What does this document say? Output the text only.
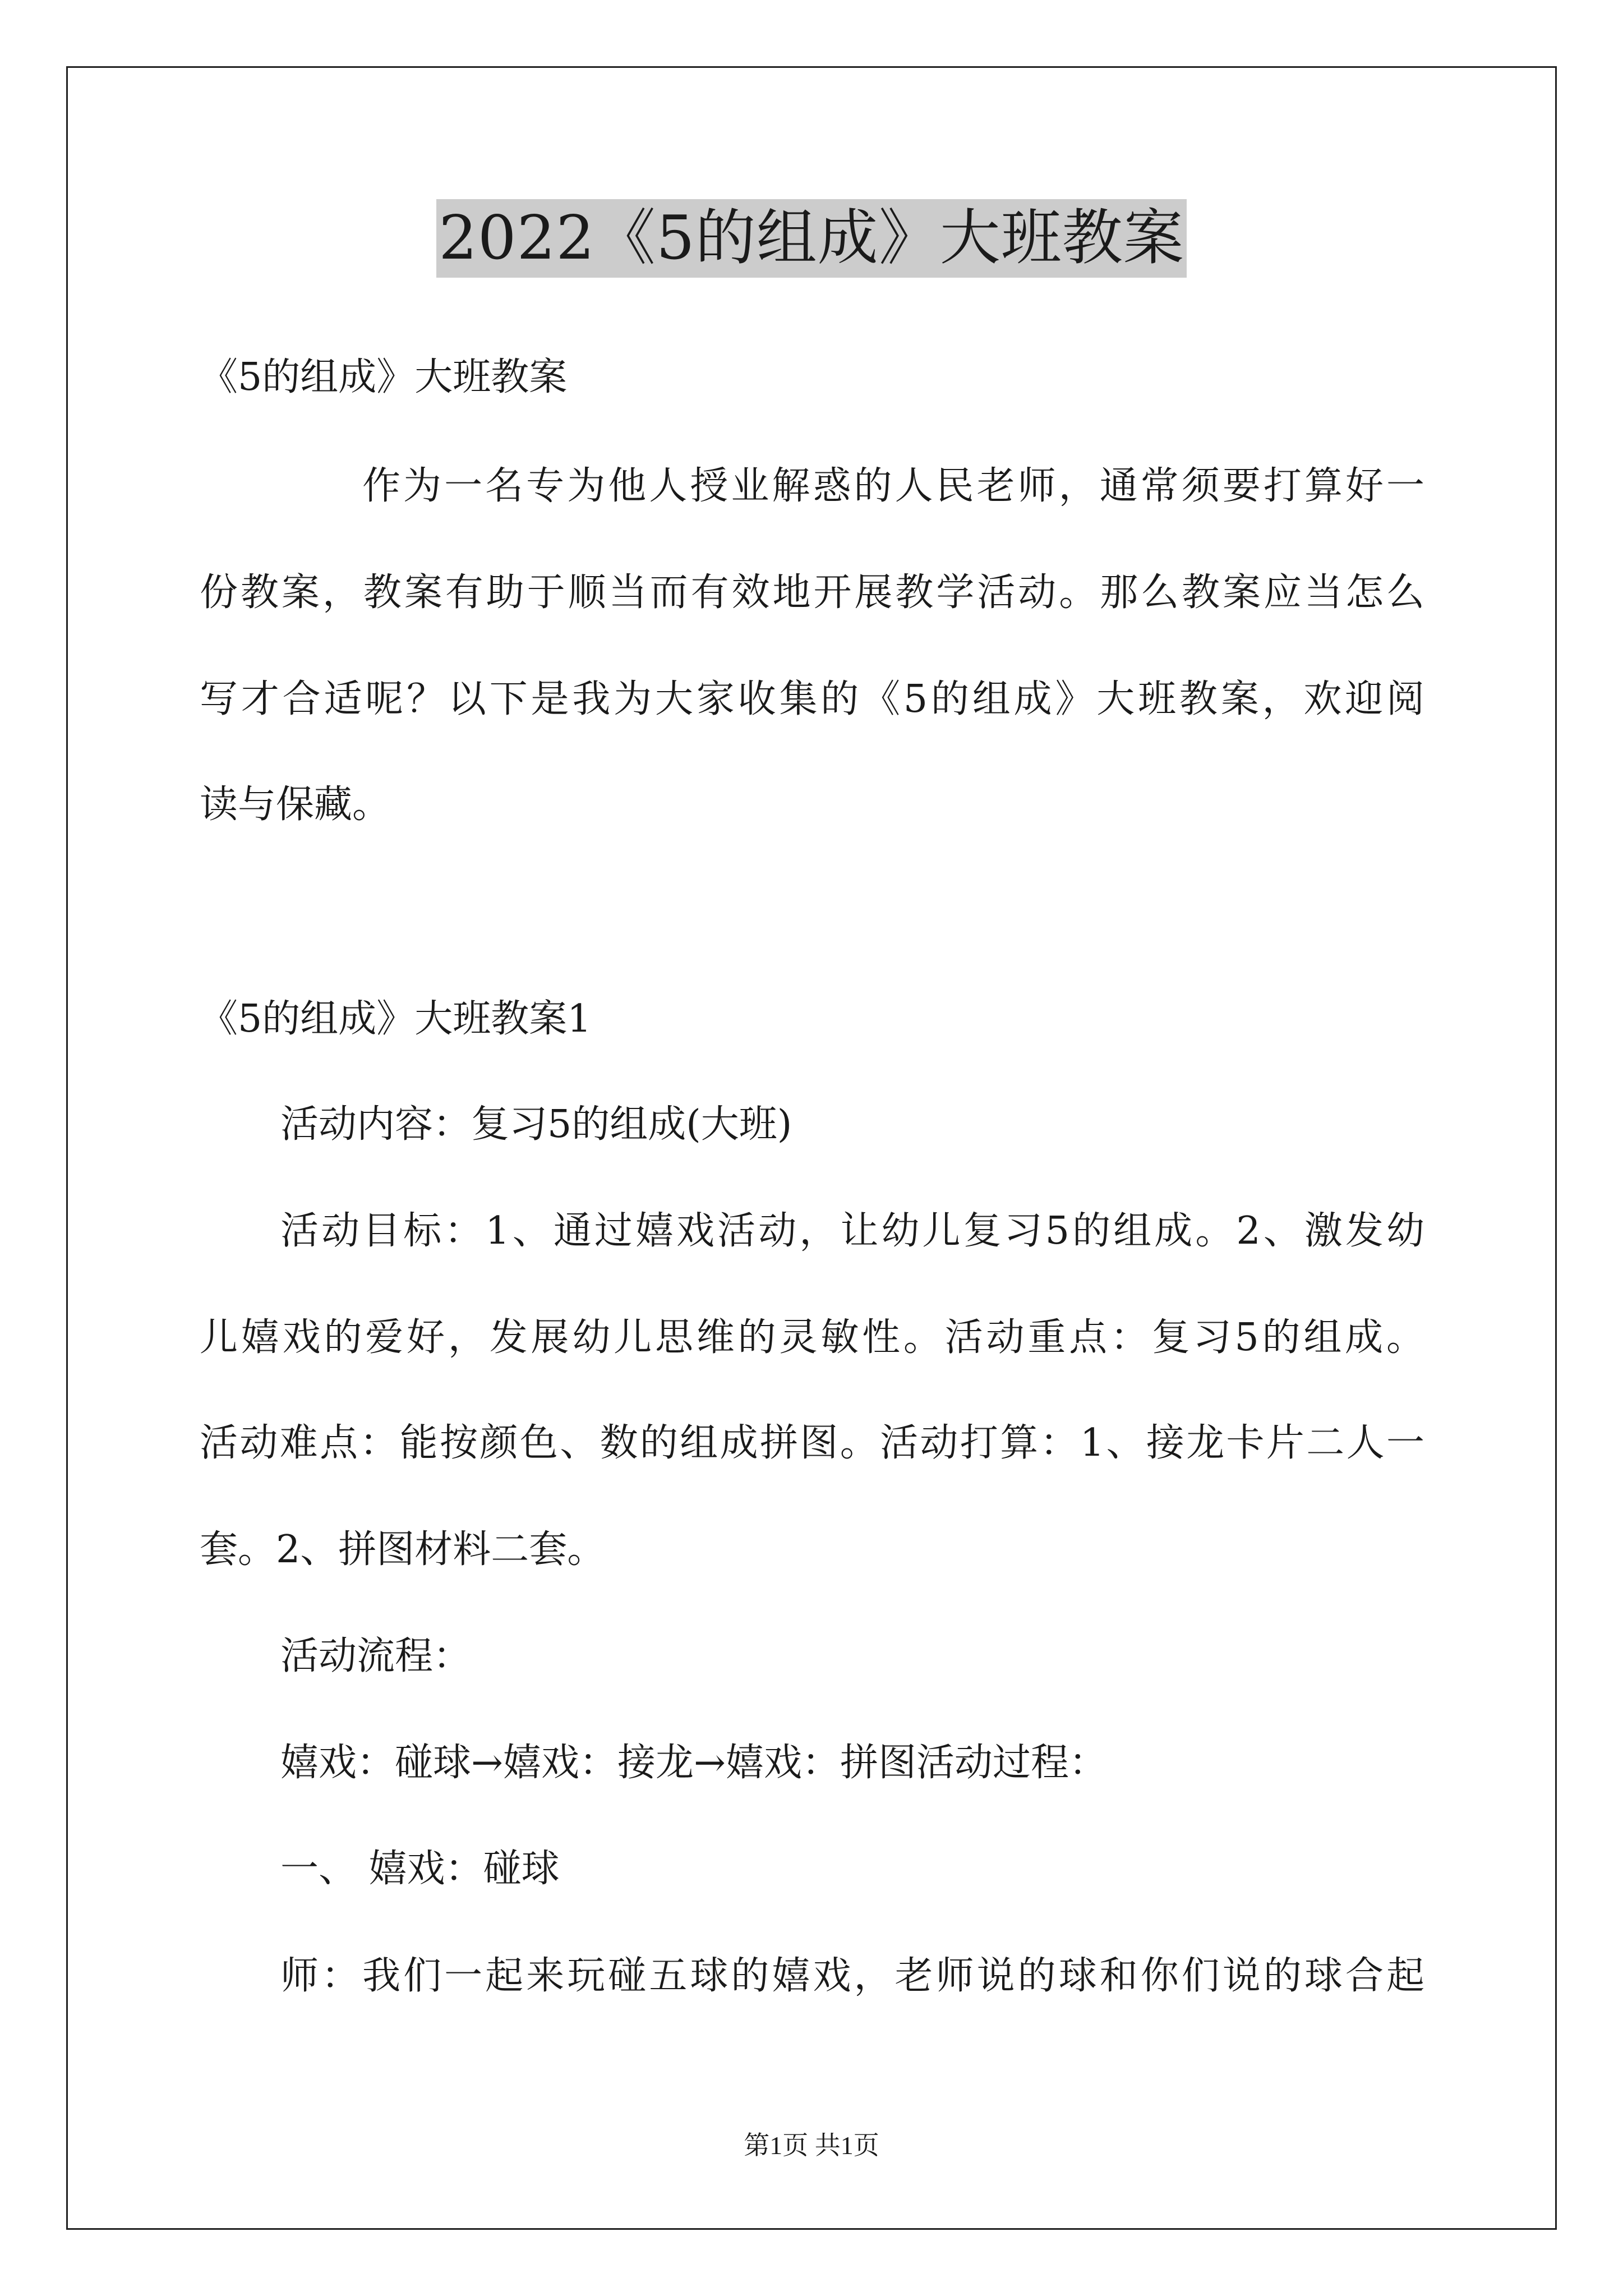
2022《5的组成》大班教案
《5的组成》大班教案
作为一名专为他人授业解惑的人民老师，通常须要打算好一
份教案，教案有助于顺当而有效地开展教学活动。那么教案应当怎么
写才合适呢？以下是我为大家收集的《5的组成》大班教案，欢迎阅
读与保藏。
《5的组成》大班教案1
活动内容：复习5的组成(大班)
活动目标：1、通过嬉戏活动，让幼儿复习5的组成。2、激发幼
儿嬉戏的爱好，发展幼儿思维的灵敏性。活动重点：复习5的组成。
活动难点：能按颜色、数的组成拼图。活动打算：1、接龙卡片二人一
套。2、拼图材料二套。
活动流程：
嬉戏：碰球→嬉戏：接龙→嬉戏：拼图活动过程：
一、 嬉戏：碰球
师：我们一起来玩碰五球的嬉戏，老师说的球和你们说的球合起
第1页 共1页
